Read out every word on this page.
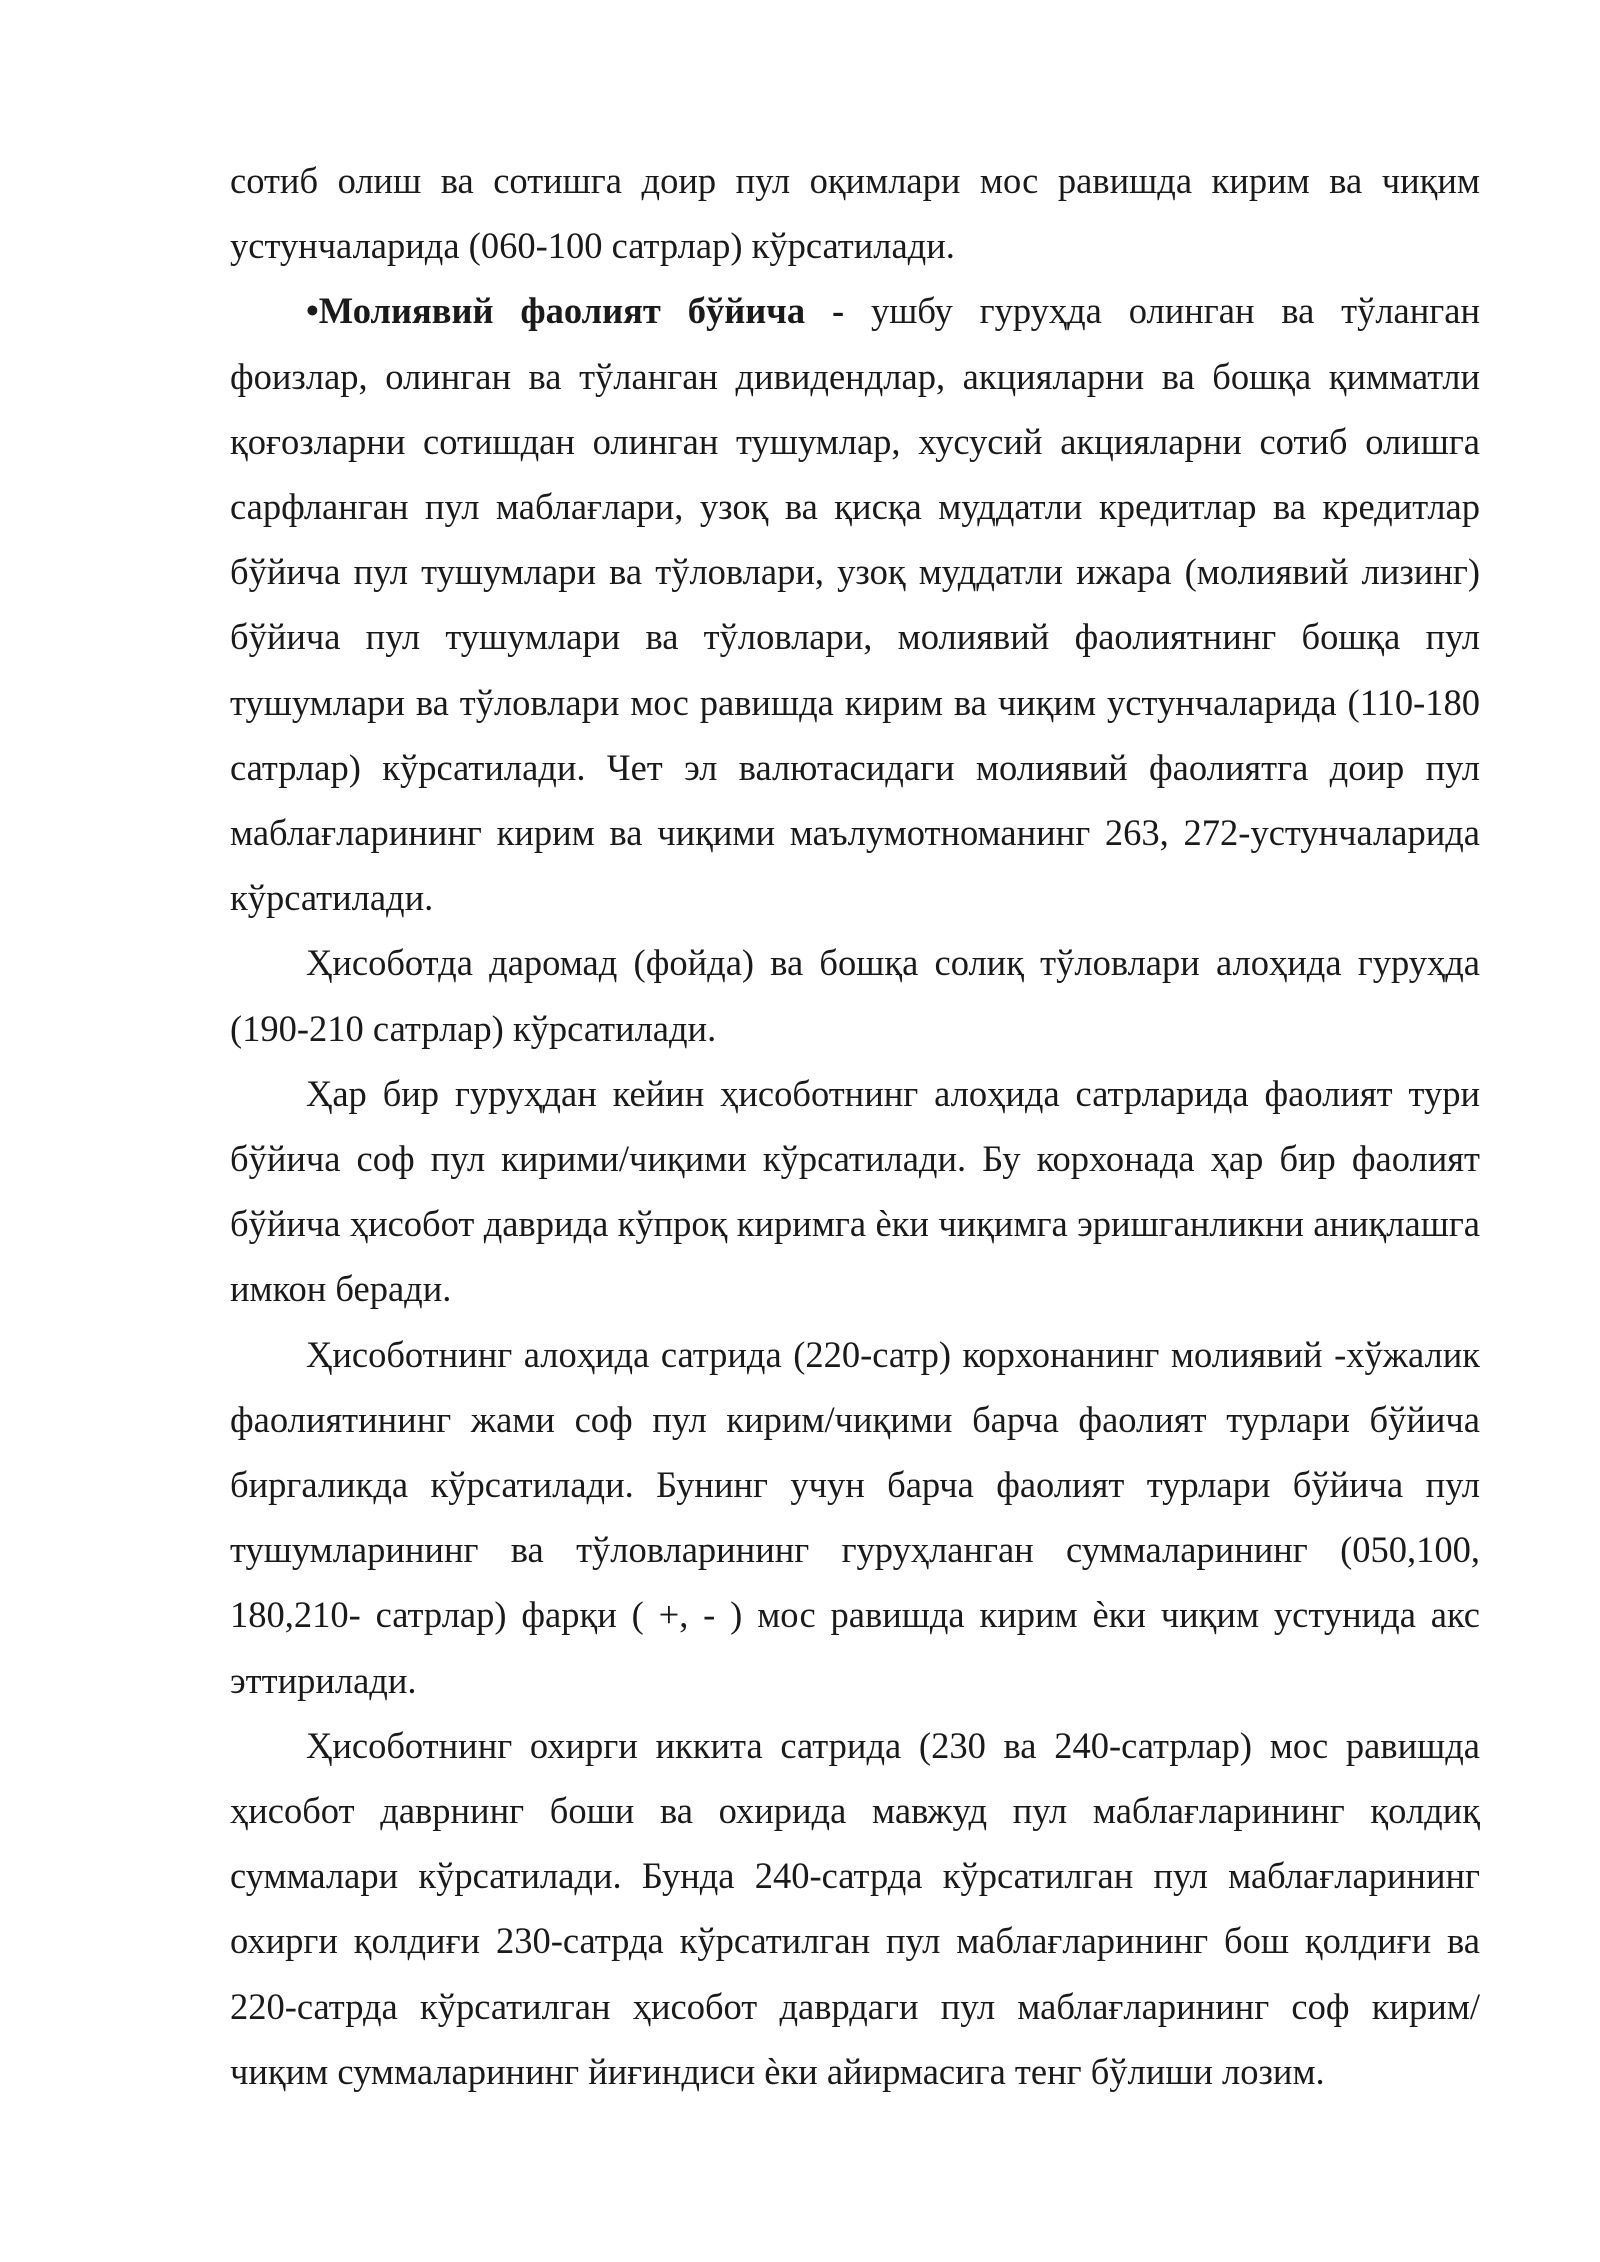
сотиб олиш ва сотишга доир пул оқимлари мос равишда кирим ва чиқим устунчаларида (060-100 сатрлар) кўрсатилади.

•Молиявий фаолият бўйича - ушбу гуруҳда олинган ва тўланган фоизлар, олинган ва тўланган дивидендлар, акцияларни ва бошқа қимматли қоғозларни сотишдан олинган тушумлар, хусусий акцияларни сотиб олишга сарфланган пул маблағлари, узоқ ва қисқа муддатли кредитлар ва кредитлар бўйича пул тушумлари ва тўловлари, узоқ муддатли ижара (молиявий лизинг) бўйича пул тушумлари ва тўловлари, молиявий фаолиятнинг бошқа пул тушумлари ва тўловлари мос равишда кирим ва чиқим устунчаларида (110-180 сатрлар) кўрсатилади. Чет эл валютасидаги молиявий фаолиятга доир пул маблағларининг кирим ва чиқими маълумотноманинг 263, 272-устунчаларида кўрсатилади.

Ҳисоботда даромад (фойда) ва бошқа солиқ тўловлари алоҳида гуруҳда (190-210 сатрлар) кўрсатилади.

Ҳар бир гуруҳдан кейин ҳисоботнинг алоҳида сатрларида фаолият тури бўйича соф пул кирими/чиқими кўрсатилади. Бу корхонада ҳар бир фаолият бўйича ҳисобот даврида кўпроқ киримга ѐки чиқимга эришганликни аниқлашга имкон беради.

Ҳисоботнинг алоҳида сатрида (220-сатр) корхонанинг молиявий -хўжалик фаолиятининг жами соф пул кирим/чиқими барча фаолият турлари бўйича биргаликда кўрсатилади. Бунинг учун барча фаолият турлари бўйича пул тушумларининг ва тўловларининг гуруҳланган суммаларининг (050,100, 180,210- сатрлар) фарқи ( +, - ) мос равишда кирим ѐки чиқим устунида акс эттирилади.

Ҳисоботнинг охирги иккита сатрида (230 ва 240-сатрлар) мос равишда ҳисобот даврнинг боши ва охирида мавжуд пул маблағларининг қолдиқ суммалари кўрсатилади. Бунда 240-сатрда кўрсатилган пул маблағларининг охирги қолдиғи 230-сатрда кўрсатилган пул маблағларининг бош қолдиғи ва 220-сатрда кўрсатилган ҳисобот даврдаги пул маблағларининг соф кирим/чиқим суммаларининг йиғиндиси ѐки айирмасига тенг бўлиши лозим.
